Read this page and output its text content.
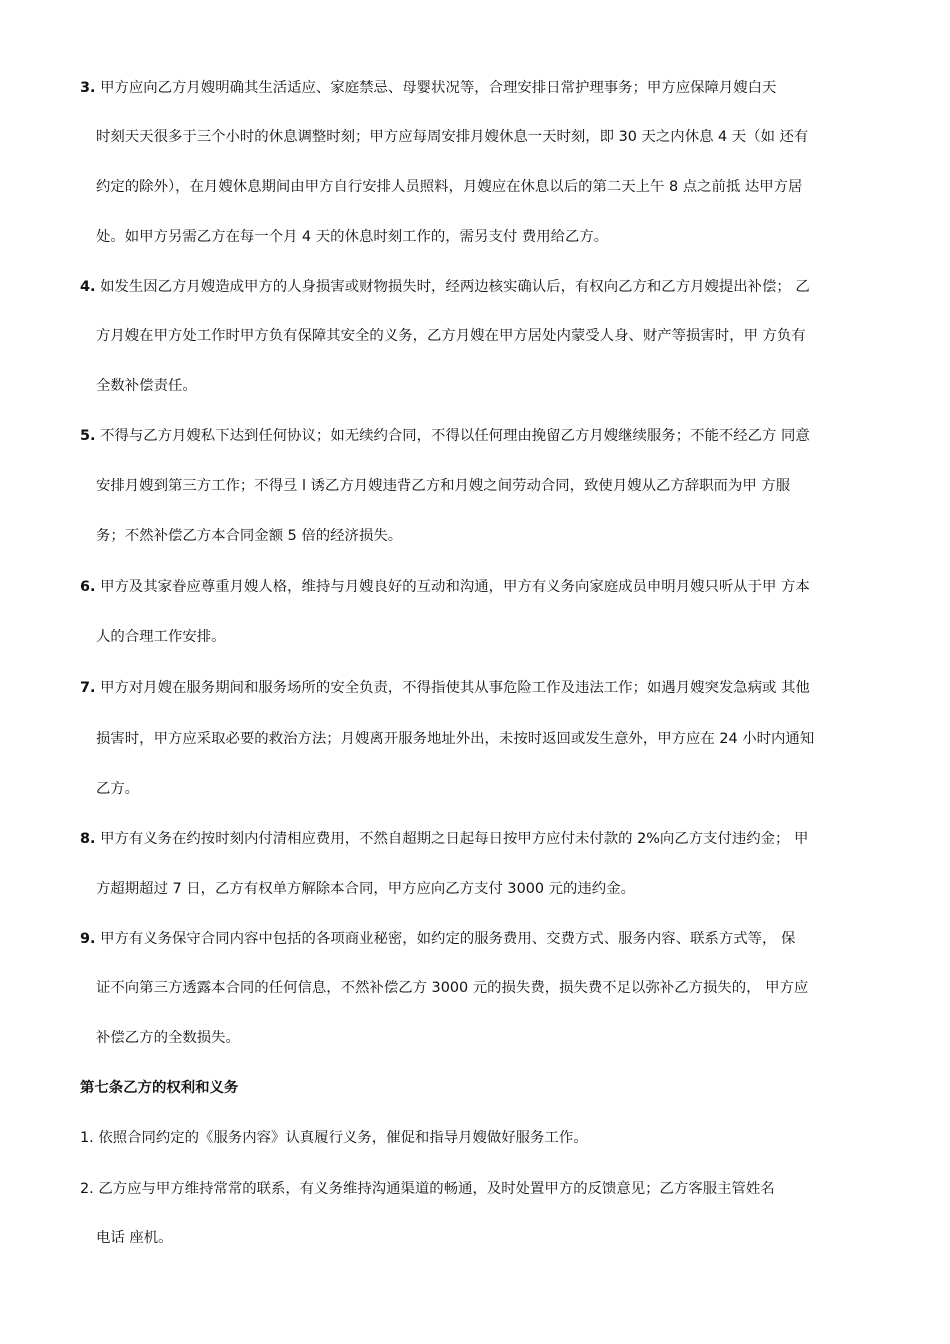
3. 甲方应向乙方月嫂明确其生活适应、家庭禁忌、母婴状况等，合理安排日常护理事务；甲方应保障月嫂白天
时刻天天很多于三个小时的休息调整时刻；甲方应每周安排月嫂休息一天时刻，即 30 天之内休息 4 天（如 还有
约定的除外），在月嫂休息期间由甲方自行安排人员照料，月嫂应在休息以后的第二天上午 8 点之前抵 达甲方居
处。如甲方另需乙方在每一个月 4 天的休息时刻工作的，需另支付 费用给乙方。
4. 如发生因乙方月嫂造成甲方的人身损害或财物损失时，经两边核实确认后，有权向乙方和乙方月嫂提出补偿； 乙
方月嫂在甲方处工作时甲方负有保障其安全的义务，乙方月嫂在甲方居处内蒙受人身、财产等损害时，甲 方负有
全数补偿责任。
5. 不得与乙方月嫂私下达到任何协议；如无续约合同，不得以任何理由挽留乙方月嫂继续服务；不能不经乙方 同意
安排月嫂到第三方工作；不得弖 l 诱乙方月嫂违背乙方和月嫂之间劳动合同，致使月嫂从乙方辞职而为甲 方服
务；不然补偿乙方本合同金额 5 倍的经济损失。
6. 甲方及其家眷应尊重月嫂人格，维持与月嫂良好的互动和沟通，甲方有义务向家庭成员申明月嫂只听从于甲 方本
人的合理工作安排。
7. 甲方对月嫂在服务期间和服务场所的安全负责，不得指使其从事危险工作及违法工作；如遇月嫂突发急病或 其他
损害时，甲方应采取必要的救治方法；月嫂离开服务地址外出，未按时返回或发生意外，甲方应在 24 小时内通知
乙方。
8. 甲方有义务在约按时刻内付清相应费用，不然自超期之日起每日按甲方应付未付款的 2%向乙方支付违约金； 甲
方超期超过 7 日，乙方有权单方解除本合同，甲方应向乙方支付 3000 元的违约金。
9. 甲方有义务保守合同内容中包括的各项商业秘密，如约定的服务费用、交费方式、服务内容、联系方式等， 保
证不向第三方透露本合同的任何信息，不然补偿乙方 3000 元的损失费，损失费不足以弥补乙方损失的， 甲方应
补偿乙方的全数损失。
第七条乙方的权利和义务
1. 依照合同约定的《服务内容》认真履行义务，催促和指导月嫂做好服务工作。
2. 乙方应与甲方维持常常的联系，有义务维持沟通渠道的畅通，及时处置甲方的反馈意见；乙方客服主管姓名
电话 座机。
